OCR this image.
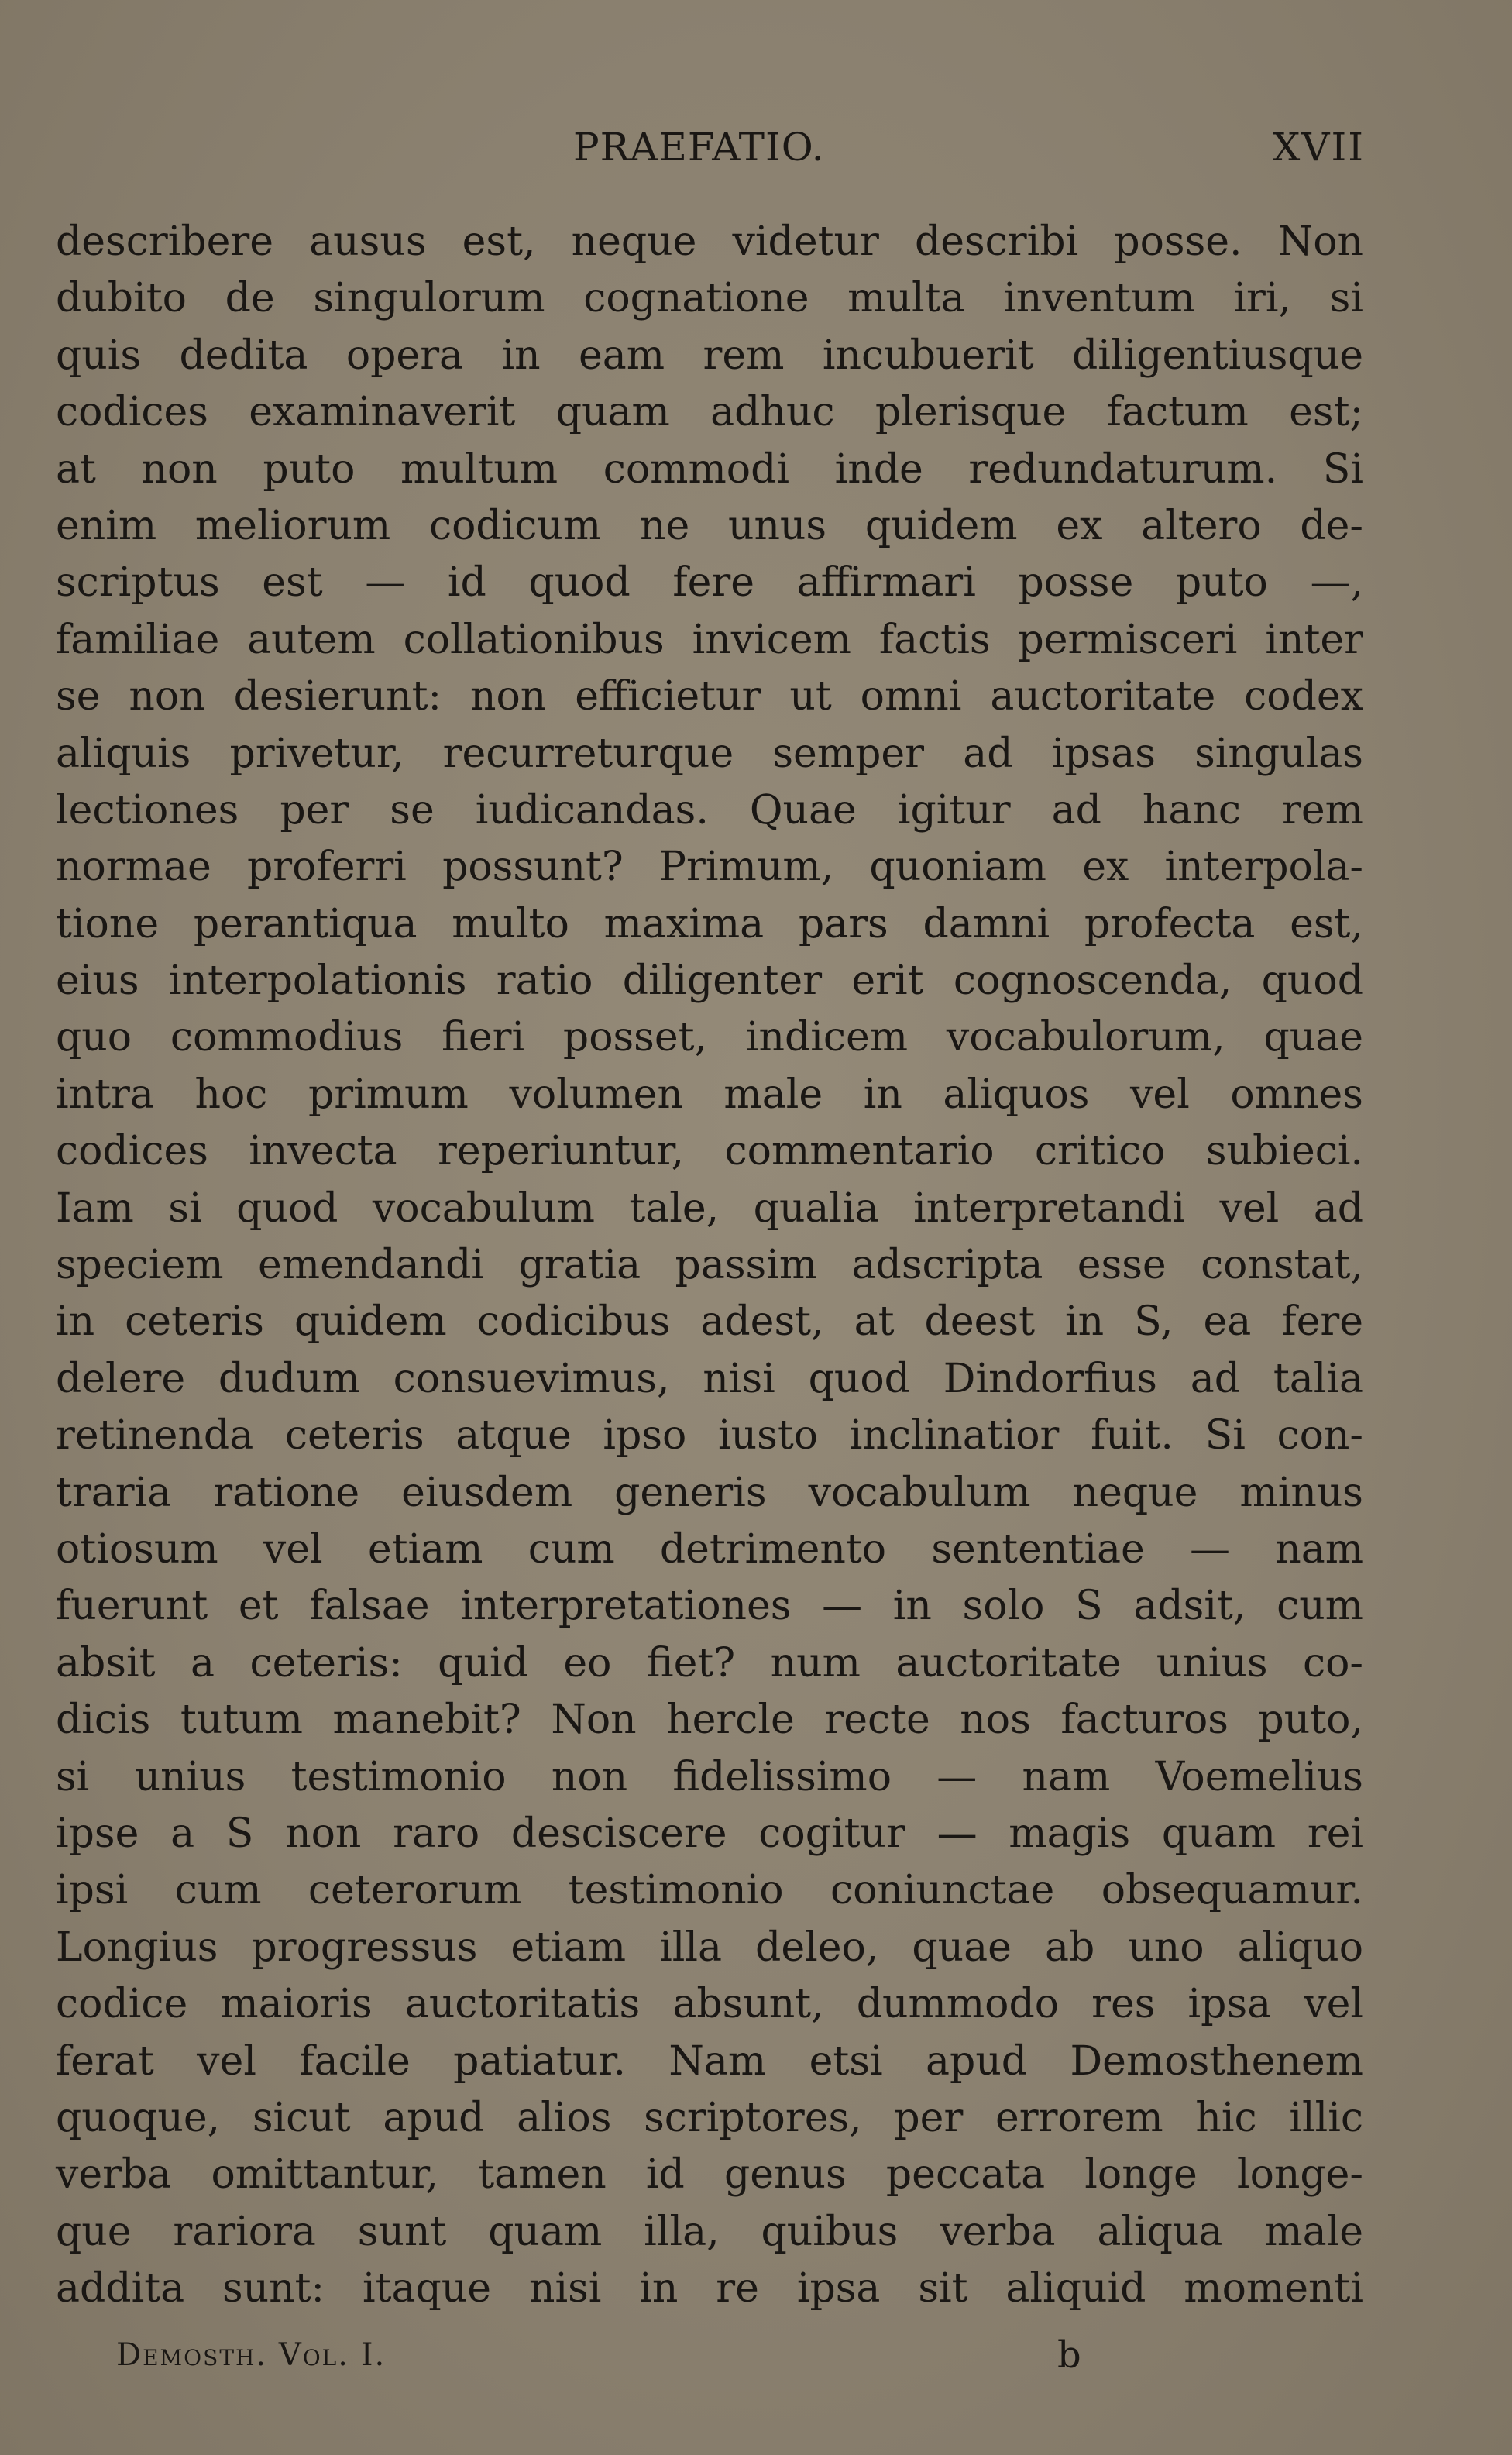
PRAEFATIO.	XVII
describere ausus est, neque videtur describi posse. Non
dubito de singulorum cognatione multa inventum iri, si
quis dedita opera in eam rem incubuerit diligentiusque
codices examinaverit quam adhuc plerisque factum est;
at non puto multum commodi inde redundaturum. Si
enim meliorum codicum ne unus quidem ex altero de-
scriptus est — id quod fere affirmari posse puto —,
familiae autem collationibus invicem factis permisceri inter
se non desierunt: non efficietur ut omni auctoritate codex
aliquis privetur, recurreturque semper ad ipsas singulas
lectiones per se iudicandas. Quae igitur ad hanc rem
normae proferri possunt? Primum, quoniam ex interpola-
tione perantiqua multo maxima pars damni profecta est,
eius interpolationis ratio diligenter erit cognoscenda, quod
quo commodius fieri posset, indicem vocabulorum, quae
intra hoc primum volumen male in aliquos vel omnes
codices invecta reperiuntur, commentario critico subieci.
Iam si quod vocabulum tale, qualia interpretandi vel ad
speciem emendandi gratia passim adscripta esse constat,
in ceteris quidem codicibus adest, at deest in S, ea fere
delere dudum consuevimus, nisi quod Dindorfius ad talia
retinenda ceteris atque ipso iusto inclinatior fuit. Si con-
traria ratione eiusdem generis vocabulum neque minus
otiosum vel etiam cum detrimento sententiae — nam
fuerunt et falsae interpretationes — in solo S adsit, cum
absit a ceteris: quid eo fiet? num auctoritate unius co-
dicis tutum manebit? Non hercle recte nos facturos puto,
si unius testimonio non fidelissimo — nam Voemelius
ipse a S non raro desciscere cogitur — magis quam rei
ipsi cum ceterorum testimonio coniunctae obsequamur.
Longius progressus etiam illa deleo, quae ab uno aliquo
codice maioris auctoritatis absunt, dummodo res ipsa vel
ferat vel facile patiatur. Nam etsi apud Demosthenem
quoque, sicut apud alios scriptores, per errorem hic illic
verba omittantur, tamen id genus peccata longe longe-
que rariora sunt quam illa, quibus verba aliqua male
addita sunt: itaque nisi in re ipsa sit aliquid momenti
Demosth. Vol. I.	b
